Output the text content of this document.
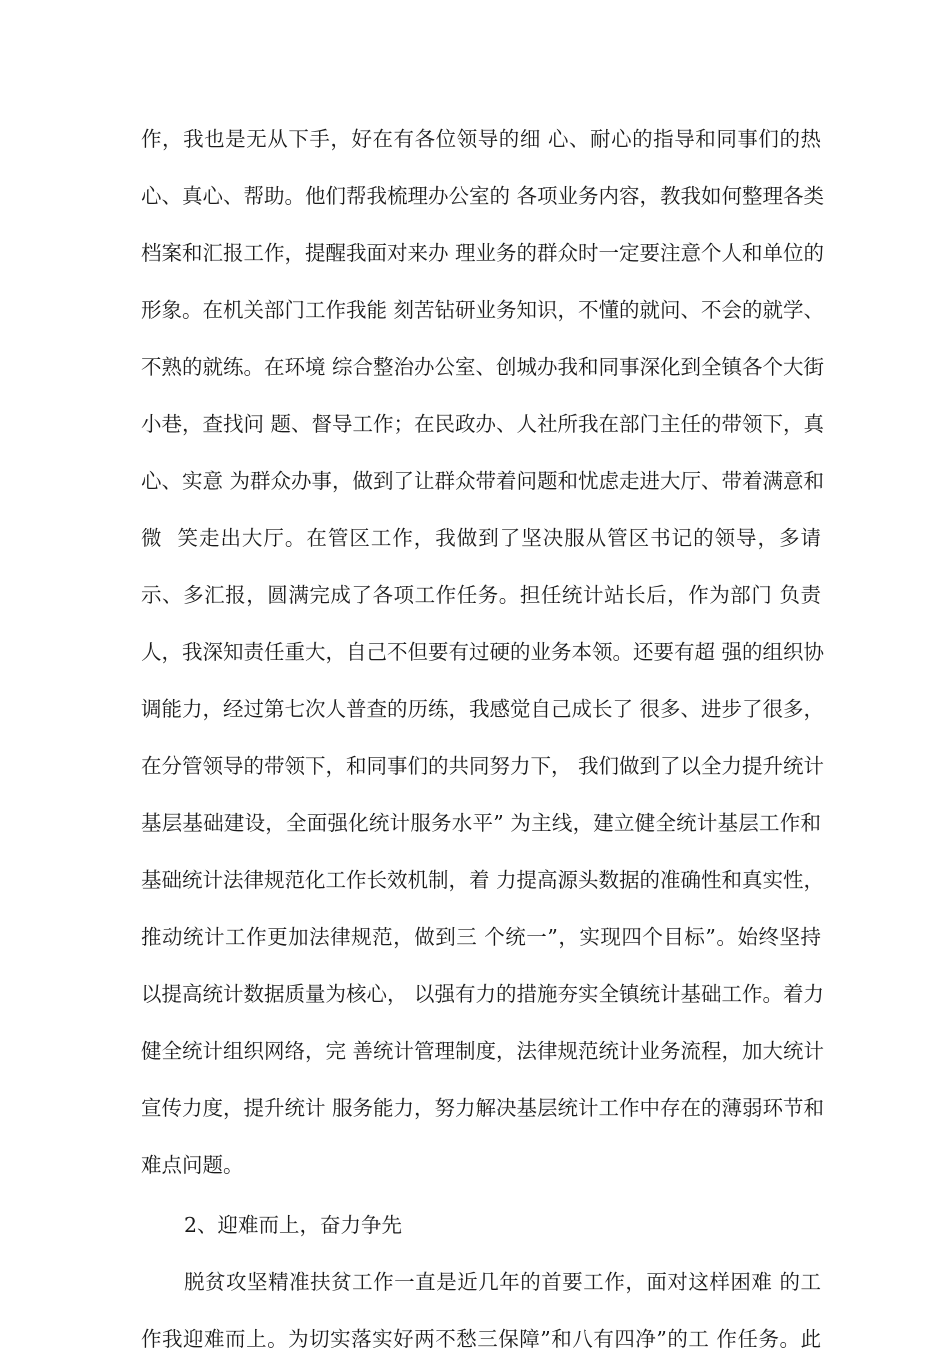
作，我也是无从下手，好在有各位领导的细 心、耐心的指导和同事们的热
心、真心、帮助。他们帮我梳理办公室的 各项业务内容，教我如何整理各类
档案和汇报工作，提醒我面对来办 理业务的群众时一定要注意个人和单位的
形象。在机关部门工作我能 刻苦钻研业务知识，不懂的就问、不会的就学、
不熟的就练。在环境 综合整治办公室、创城办我和同事深化到全镇各个大街
小巷，查找问 题、督导工作；在民政办、人社所我在部门主任的带领下，真
心、实意 为群众办事，做到了让群众带着问题和忧虑走进大厅、带着满意和
微  笑走出大厅。在管区工作，我做到了坚决服从管区书记的领导，多请
示、多汇报，圆满完成了各项工作任务。担任统计站长后，作为部门 负责
人，我深知责任重大，自己不但要有过硬的业务本领。还要有超 强的组织协
调能力，经过第七次人普查的历练，我感觉自己成长了 很多、进步了很多，
在分管领导的带领下，和同事们的共同努力下， 我们做到了以全力提升统计
基层基础建设，全面强化统计服务水平” 为主线，建立健全统计基层工作和
基础统计法律规范化工作长效机制，着 力提高源头数据的准确性和真实性，
推动统计工作更加法律规范，做到三 个统一”，实现四个目标”。始终坚持
以提高统计数据质量为核心， 以强有力的措施夯实全镇统计基础工作。着力
健全统计组织网络，完 善统计管理制度，法律规范统计业务流程，加大统计
宣传力度，提升统计 服务能力，努力解决基层统计工作中存在的薄弱环节和
难点问题。
2、迎难而上，奋力争先
脱贫攻坚精准扶贫工作一直是近几年的首要工作，面对这样困难 的工
作我迎难而上。为切实落实好两不愁三保障”和八有四净”的工 作任务。此
